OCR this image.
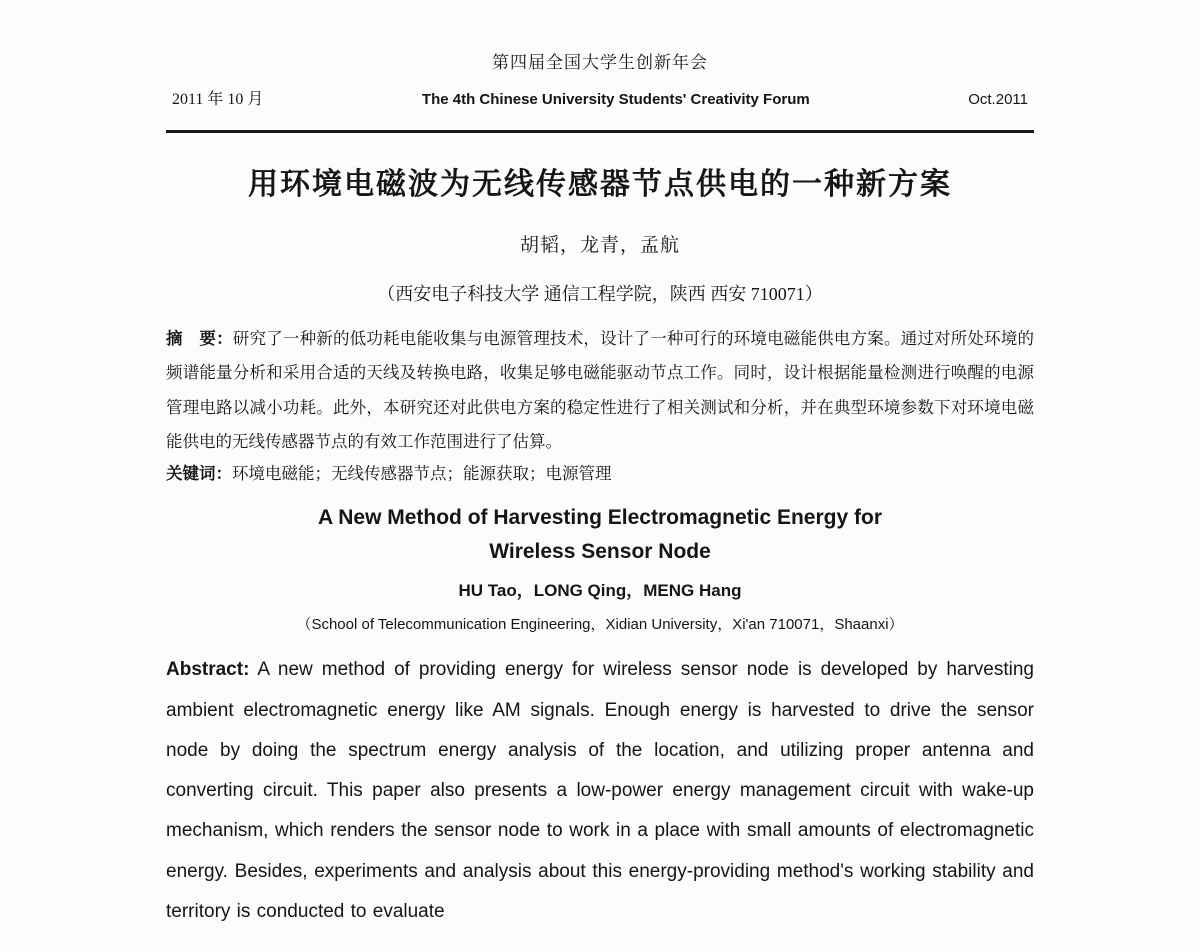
第四届全国大学生创新年会
2011 年 10 月	The 4th Chinese University Students' Creativity Forum	Oct.2011
用环境电磁波为无线传感器节点供电的一种新方案
胡韬，龙青，孟航
（西安电子科技大学 通信工程学院，陕西 西安 710071）

摘　要：研究了一种新的低功耗电能收集与电源管理技术，设计了一种可行的环境电磁能供电方案。通过对所处环境的频谱能量分析和采用合适的天线及转换电路，收集足够电磁能驱动节点工作。同时，设计根据能量检测进行唤醒的电源管理电路以减小功耗。此外，本研究还对此供电方案的稳定性进行了相关测试和分析，并在典型环境参数下对环境电磁能供电的无线传感器节点的有效工作范围进行了估算。

关键词：环境电磁能；无线传感器节点；能源获取；电源管理

A New Method of Harvesting Electromagnetic Energy for
Wireless Sensor Node
HU Tao，LONG Qing，MENG Hang
（School of Telecommunication Engineering，Xidian University，Xi'an 710071，Shaanxi）

Abstract: A new method of providing energy for wireless sensor node is developed by harvesting ambient electromagnetic energy like AM signals. Enough energy is harvested to drive the sensor node by doing the spectrum energy analysis of the location, and utilizing proper antenna and converting circuit. This paper also presents a low-power energy management circuit with wake-up mechanism, which renders the sensor node to work in a place with small amounts of electromagnetic energy. Besides, experiments and analysis about this energy-providing method's working stability and territory is conducted to evaluate
